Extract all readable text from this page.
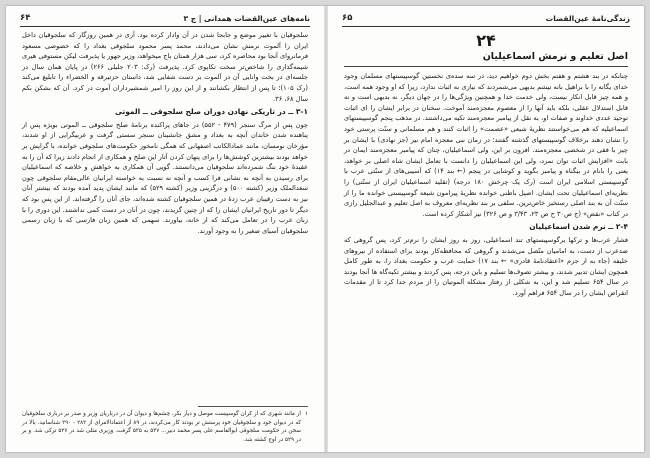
نامه‌های عین‌القضات همدانی | ج ۳
۶۴

سلجوقیان با تغییر موضع و جابجا شدن در آن وادار کرده بود. آری در همین روزگار که سلجوقیان داخل ایران را آلموت نرمش نشان می‌دادند، محمد پسر محمود سلجوقی بغداد را که خصوصی مسعود فرمانروای آنجا بود محاصره کرد، سی هزار همتان باج میخواهد، وزیر جهور یا پذیرفت لیکن مستوفی هیری شیمه‌گذاری را شاخص‌تر سخت تکاپوی کرد. پذیرفت (رک: ۲۰۳ جلیلی ۲۶۶) در پایان همان سال در جلسه‌ای در بخت وانایی آن در آلموت بر دست شفایی شد، داستان حزتیرقه و الخضراء را تابلیغ می‌کند (رک ۱۰۵)؛ تا پس از انتظار بکشانند و از این روز را امیر شمشیرداران آموت در کرد. آن که بشکن بکم سال ۶۸، ۳۶.

۳-۱ ــ در تاریکی نهادن دوران صلح سلجوقی ــ الموتی

چون پس از مرگ سنجر (۴۷۹ - ۵۵۲) در جاهای پراکنده برنامهٔ صلح سلجوقی ــ الموتی بویژه پس از پناهنده شدن خاندان آنچه به بغداد و مشق جانشینان سنجر سستی گرفت و عربیگرایی از او شدند، مؤرخان نومسان، مانند عمادالکاتب اصفهانی که همگی نامخور حکومت‌های سلجوقی خوانده، با گرایش بر خواهد بودند بیشترین کوشش‌ها را برای پنهان کردن آثار این صلح و همکاری از انجام دادند زیرا که آن را به عقیدهٔ خود ننگ شمرده‌اند سلجوقیان می‌دانستند. گویی آن همکاری به خواهش و خلاصه که اسماعیلیان برای رسیدن به آنچه نه نشانی فرا کسب و آنچه نه نسبت به خواسته ایرانیان عالی‌مقام سلجوقی چون سعدالملک وزیر (کشته ۵۰۰) و درگزینی وزیر (کشته ۵۲۹) که مانند ایشان پدید آمده بودند که بیشتر آنان نیز به دست رقیبان عرب زدهٔ در همین سلجوقیان کشته شده‌اند، جای آنان را گرفته‌اند. از این پس بود که دیگر تا دور تاریخ ایرانیان ایشان را که از چنین گزیدند، چون در آنان در دست کمی نداشتند. این دوری را با زبان عرب را در تعامل می‌کند که از خانه، بیاورند. سهمی که همین زبان فارسی که با زبان رسمی سلجوقیان آسیای صغیر را به وجود آورند.

۱
از مانند شهری که از کران گوسپیست موصل و دیار بکر، چشم‌ها و دیوان آن در درباریان وزیر و صدر بر درباری سلجوقیان که در دیوان خود و سلجوقیان خود پرستش تر بودند کار می‌کردند، در ۸۹ از اعتمادالامرای از ۲۸۲ - ۲۹۰ شناسانید. بالا در سخن در حکومت سلجوقی ابوالقاسم علی پسر محمد دبیر... ۵۲۷ به ۵۳۵ گرفت. وزیری مثلی شد در ۵۲۷ ترکی شد. و بر در ۵۲۹ در اوج کشته شد.
زندگی‌نامهٔ عین‌القضات
۶۵
۲۴
اصل تعلیم و نرمش اسماعیلیان

چنانکه در بند هشتم و هفتم بخش دوم خواهیم دید، در سه سده‌ی نخستین گوسپیستهای مسلمان وجود خدای یگانه را با براهیل بانه تیشم بدیهی می‌شمردند که نیازی به اثبات ندارد، زیرا که او وجود همه است، و همه چیز قابل انکار نیست، ولی خدمت خدا و همچنین ویژگی‌ها را در جهان دیگر، نه بدیهی است و نه قابل استدلال عقلی، بلکه باید آنها را از معصوم معجزه‌مند آموخت. سخنان در برابر ایشان را ای اثبات توحید عددی خداوند و صفات او، به نقل از پیامبر معجزه‌مند تکیه می‌داشتند. در مذهب پنجم گوسپیستهای اسماعیلیه که هم می‌خواستند نظریهٔ شیعی «عصمت» را اثبات کنند و هم مسلمانی و سنّت پرستی خود را نشان دهند برخلاف گوسپیستهای گذشته گفتند؛ در زمان نبی معجزه امام نیز (جز نهادی) با ایشان بر چیز با فقی در شخصی معجزه‌مند. افزون بر این، ولی اسماعیلیان، چنان که پیامبر معجزه‌مند ایمان در بابت «افزایش اثبات توان نمرد، ولی این اسماعیلیان را دانست با تعامل ایشان شاه اصلی بر خواهد، یعنی را بانام در بیگناه و پیامبر بگوید و کوشایی در پنجم (← بند ۱۴) که آسیبی‌های از سنّتی عرب با گوسپیستی اسلامی ایران است (رک یک چرخش ۱۸۰ درجه) (تقلید اسماعیلیان ایران از سنّتی) را نظریه‌ای اسماعیلیان تحت ایشان. اصیل باطنی خوانده نظریهٔ پیرامون شیعه گوسپیستی خوانده ما را از سنّت آن به بند اصلی رستخیز خاص‌ترین. سلفی بر بند نظریه‌ای معروف به اصل تعلیم و عبدالجلیل رازی در کتاب «نقض» (ج ص۳۰ ح ص ۲۳، ۳/۴۳ و ص ۳۲۶) نیز آشکار کرده است.

۲-۴ ــ نرم شدن اسماعیلیان

فشار عرب‌ها و ترکها برگوسپیستهای تند اسماعیلی، روز به روز ایشان را نرم‌تر کرد، پس گروهی که ضد‌عرب از دست، به امامیان متّصل می‌شدند و گروهی که محافظه‌کار بودند برای استفاده از نیروهای خلیفه (جاء به از جزم «اعتقادنامهٔ قادری» ← بند ۱۷) حمایت عرب و حکومت بغداد را، به طور کامل همچون ایشان تدبیر شدند، و بیشتر تصوف‌ها تسلیم و باین درجه، پس کردند و بیشتر تکیه‌گاه ها آنجا بودند در سال ۶۵۴ تسلیم شد و این، به شکلی از رفتار مشکله آلموتیان را از مردم جدا کرد تا از مقدمات انقراض ایشان را در سال ۶۵۴ فراهم آورد.
